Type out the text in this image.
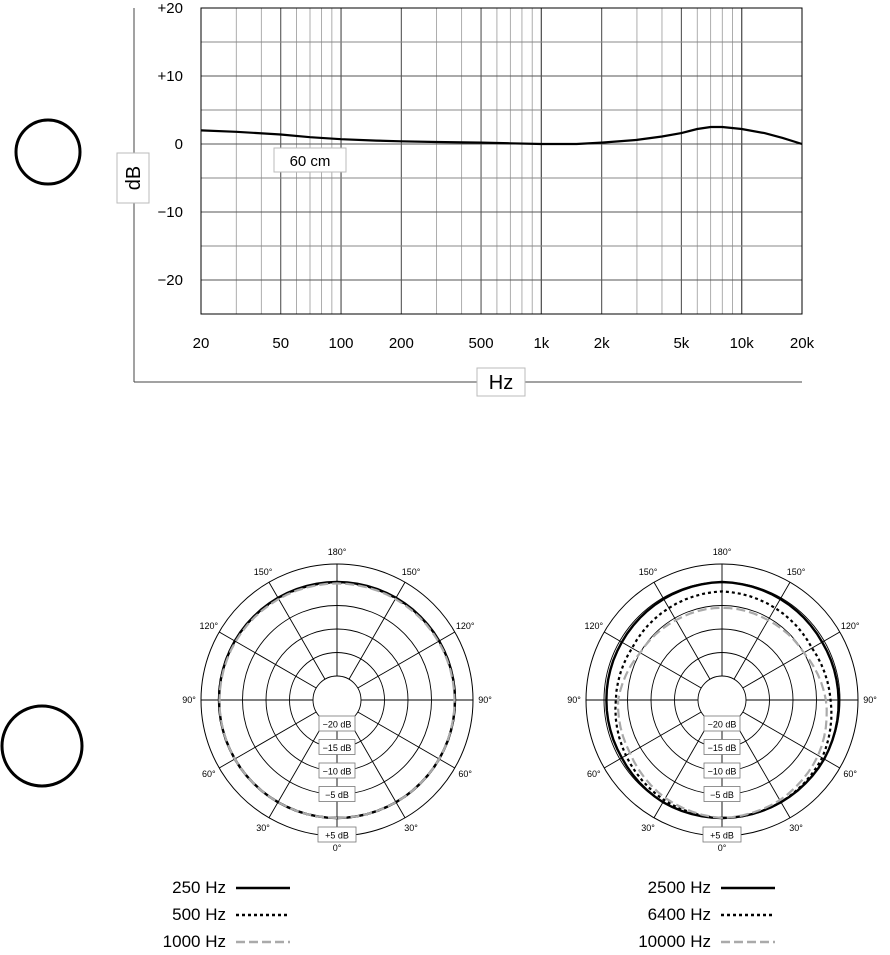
+20
+10
0
−10
−20
20	50	100 200	500	1k	2k	5k	10k 20k
60 cm
dB
Hz
0°
30°
60°
90°
120°
150°
180°
150°
120°
90°
60°
30°
+5 dB
−5 dB
−10 dB
−15 dB
−20 dB
0°
30°
60°
90°
120°
150°
180°
150°
120°
90°
60°
30°
+5 dB
−5 dB
−10 dB
−15 dB
−20 dB
250 Hz
500 Hz
1000 Hz
2500 Hz
6400 Hz
10000 Hz
